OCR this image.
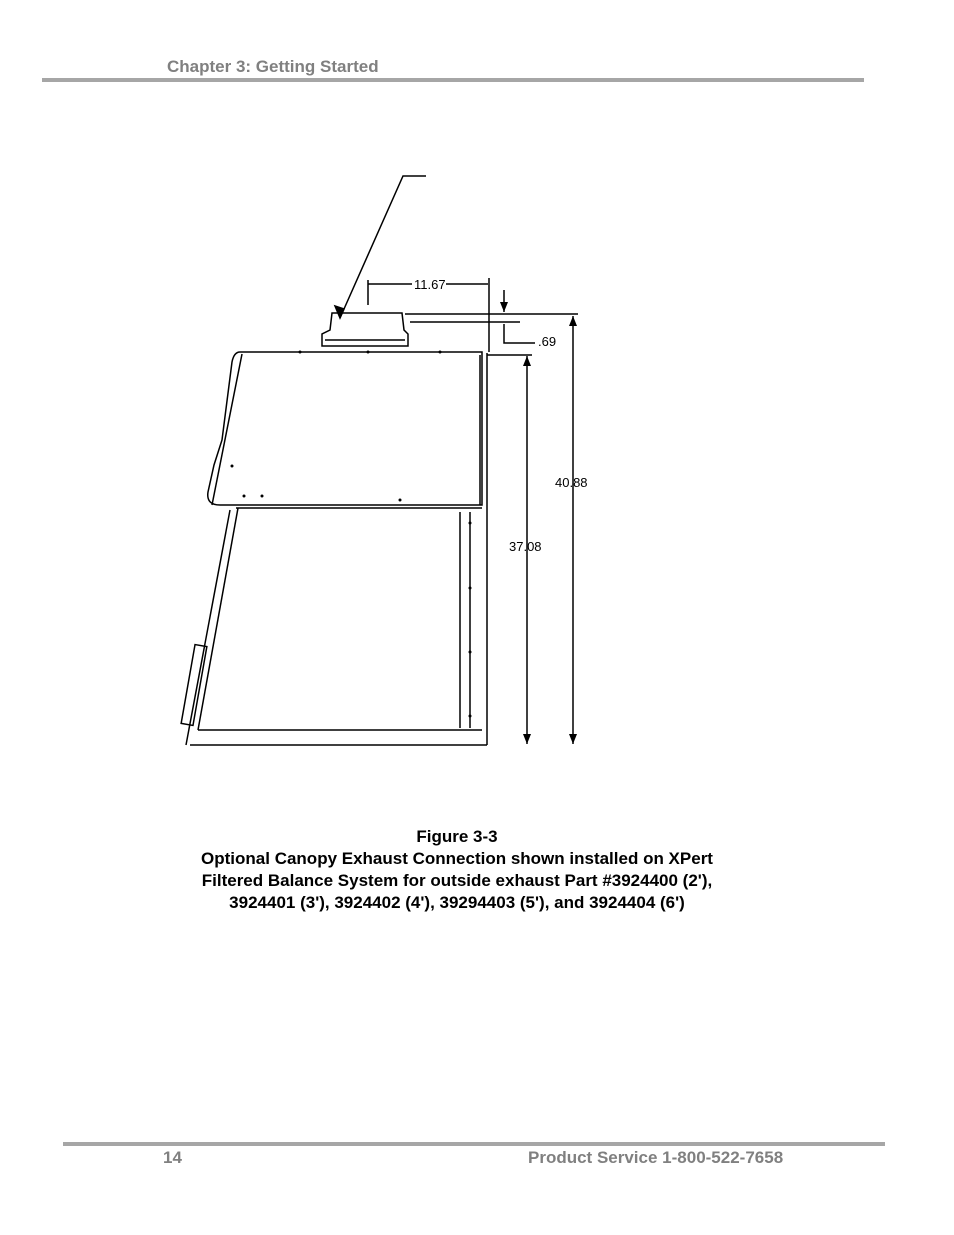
Chapter 3: Getting Started
11.67
.69
40.88
37.08
Figure 3-3
Optional Canopy Exhaust Connection shown installed on XPert
Filtered Balance System for outside exhaust Part #3924400 (2'),
3924401 (3'), 3924402 (4'), 39294403 (5'), and 3924404 (6')
14	Product Service 1-800-522-7658
